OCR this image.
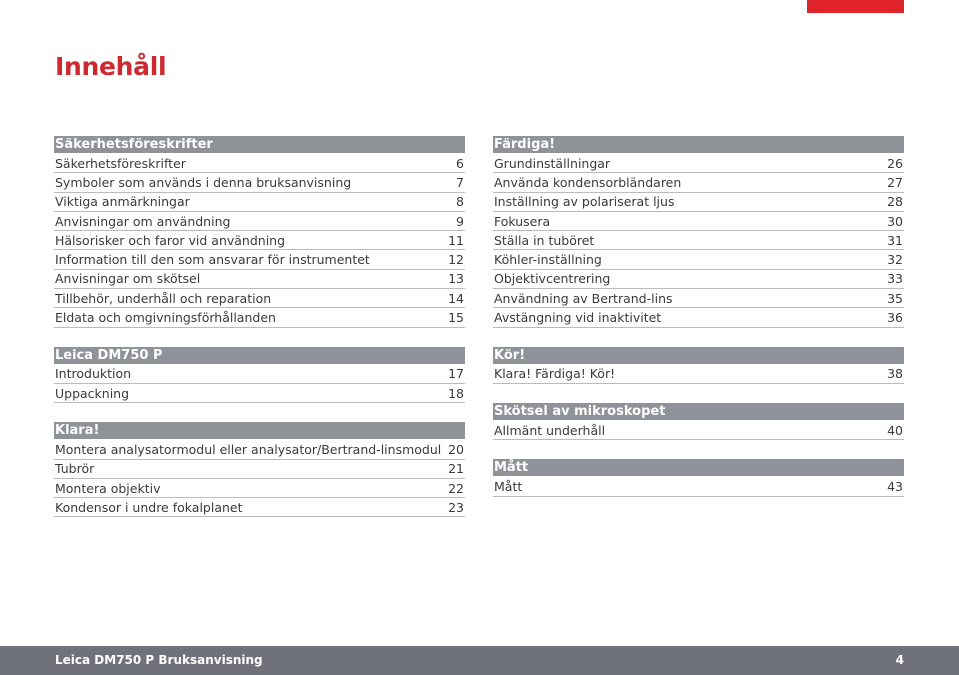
Innehåll
Säkerhetsföreskrifter
Säkerhetsföreskrifter	6
Symboler som används i denna bruksanvisning	7
Viktiga anmärkningar	8
Anvisningar om användning	9
Hälsorisker och faror vid användning	11
Information till den som ansvarar för instrumentet	12
Anvisningar om skötsel	13
Tillbehör, underhåll och reparation	14
Eldata och omgivningsförhållanden	15
Leica DM750 P
Introduktion	17
Uppackning	18
Klara!
Montera analysatormodul eller analysator/Bertrand-linsmodul 20
Tubrör	21
Montera objektiv	22
Kondensor i undre fokalplanet	23
Färdiga!
Grundinställningar	26
Använda kondensorbländaren	27
Inställning av polariserat ljus	28
Fokusera	30
Ställa in tuböret	31
Köhler-inställning	32
Objektivcentrering	33
Användning av Bertrand-lins	35
Avstängning vid inaktivitet	36
Kör!
Klara! Färdiga! Kör!	38
Skötsel av mikroskopet
Allmänt underhåll	40
Mått
Mått	43
Leica DM750 P Bruksanvisning	4
